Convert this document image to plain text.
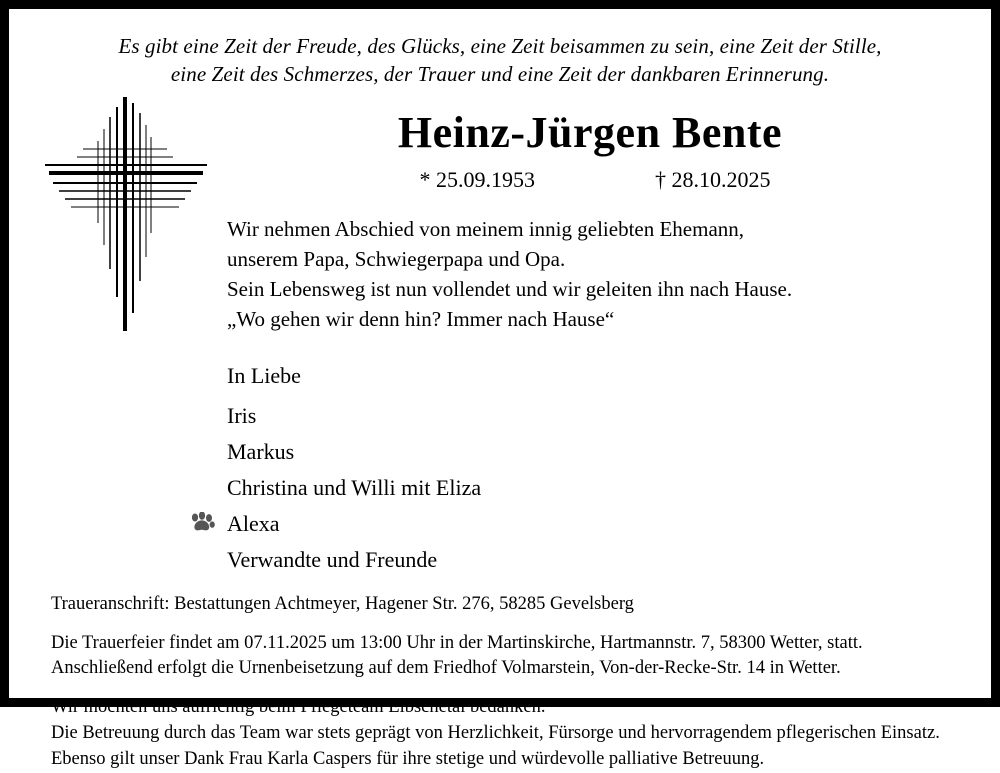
Es gibt eine Zeit der Freude, des Glücks, eine Zeit beisammen zu sein, eine Zeit der Stille,
eine Zeit des Schmerzes, der Trauer und eine Zeit der dankbaren Erinnerung.
Heinz-Jürgen Bente
* 25.09.1953	† 28.10.2025
Wir nehmen Abschied von meinem innig geliebten Ehemann,
unserem Papa, Schwiegerpapa und Opa.
Sein Lebensweg ist nun vollendet und wir geleiten ihn nach Hause.
„Wo gehen wir denn hin? Immer nach Hause“
In Liebe
Iris
Markus
Christina und Willi mit Eliza
Alexa
Verwandte und Freunde
Traueranschrift: Bestattungen Achtmeyer, Hagener Str. 276, 58285 Gevelsberg
Die Trauerfeier findet am 07.11.2025 um 13:00 Uhr in der Martinskirche, Hartmannstr. 7, 58300 Wetter, statt.
Anschließend erfolgt die Urnenbeisetzung auf dem Friedhof Volmarstein, Von-der-Recke-Str. 14 in Wetter.
Wir möchten uns aufrichtig beim Pflegeteam Elbschetal bedanken.
Die Betreuung durch das Team war stets geprägt von Herzlichkeit, Fürsorge und hervorragendem pflegerischen Einsatz.
Ebenso gilt unser Dank Frau Karla Caspers für ihre stetige und würdevolle palliative Betreuung.
